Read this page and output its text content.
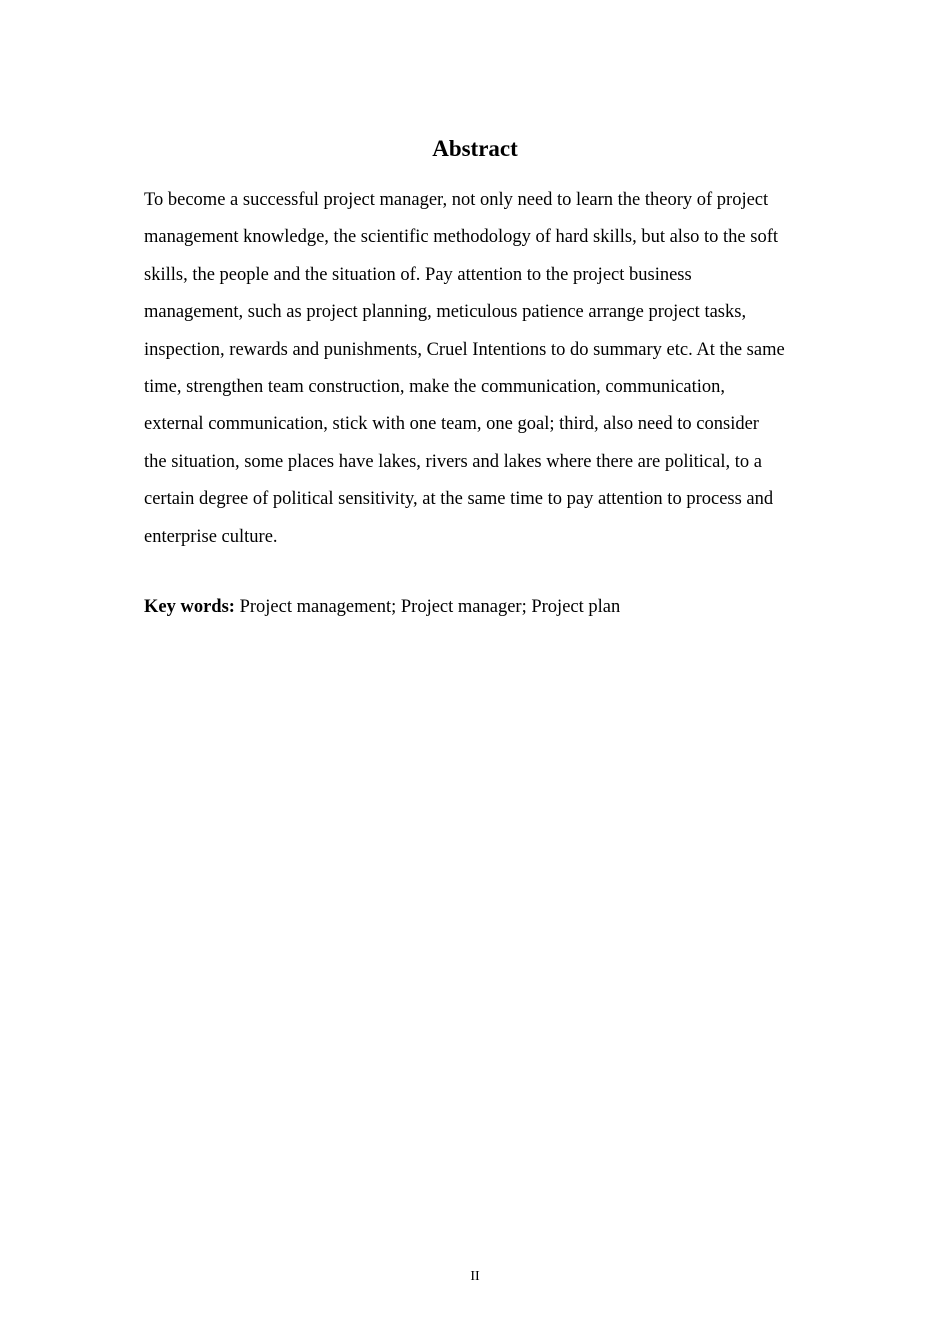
Abstract
To become a successful project manager, not only need to learn the theory of project
management knowledge, the scientific methodology of hard skills, but also to the soft
skills, the people and the situation of. Pay attention to the project business
management, such as project planning, meticulous patience arrange project tasks,
inspection, rewards and punishments, Cruel Intentions to do summary etc. At the same
time, strengthen team construction, make the communication, communication,
external communication, stick with one team, one goal; third, also need to consider
the situation, some places have lakes, rivers and lakes where there are political, to a
certain degree of political sensitivity, at the same time to pay attention to process and
enterprise culture.

Key words: Project management; Project manager; Project plan

II
